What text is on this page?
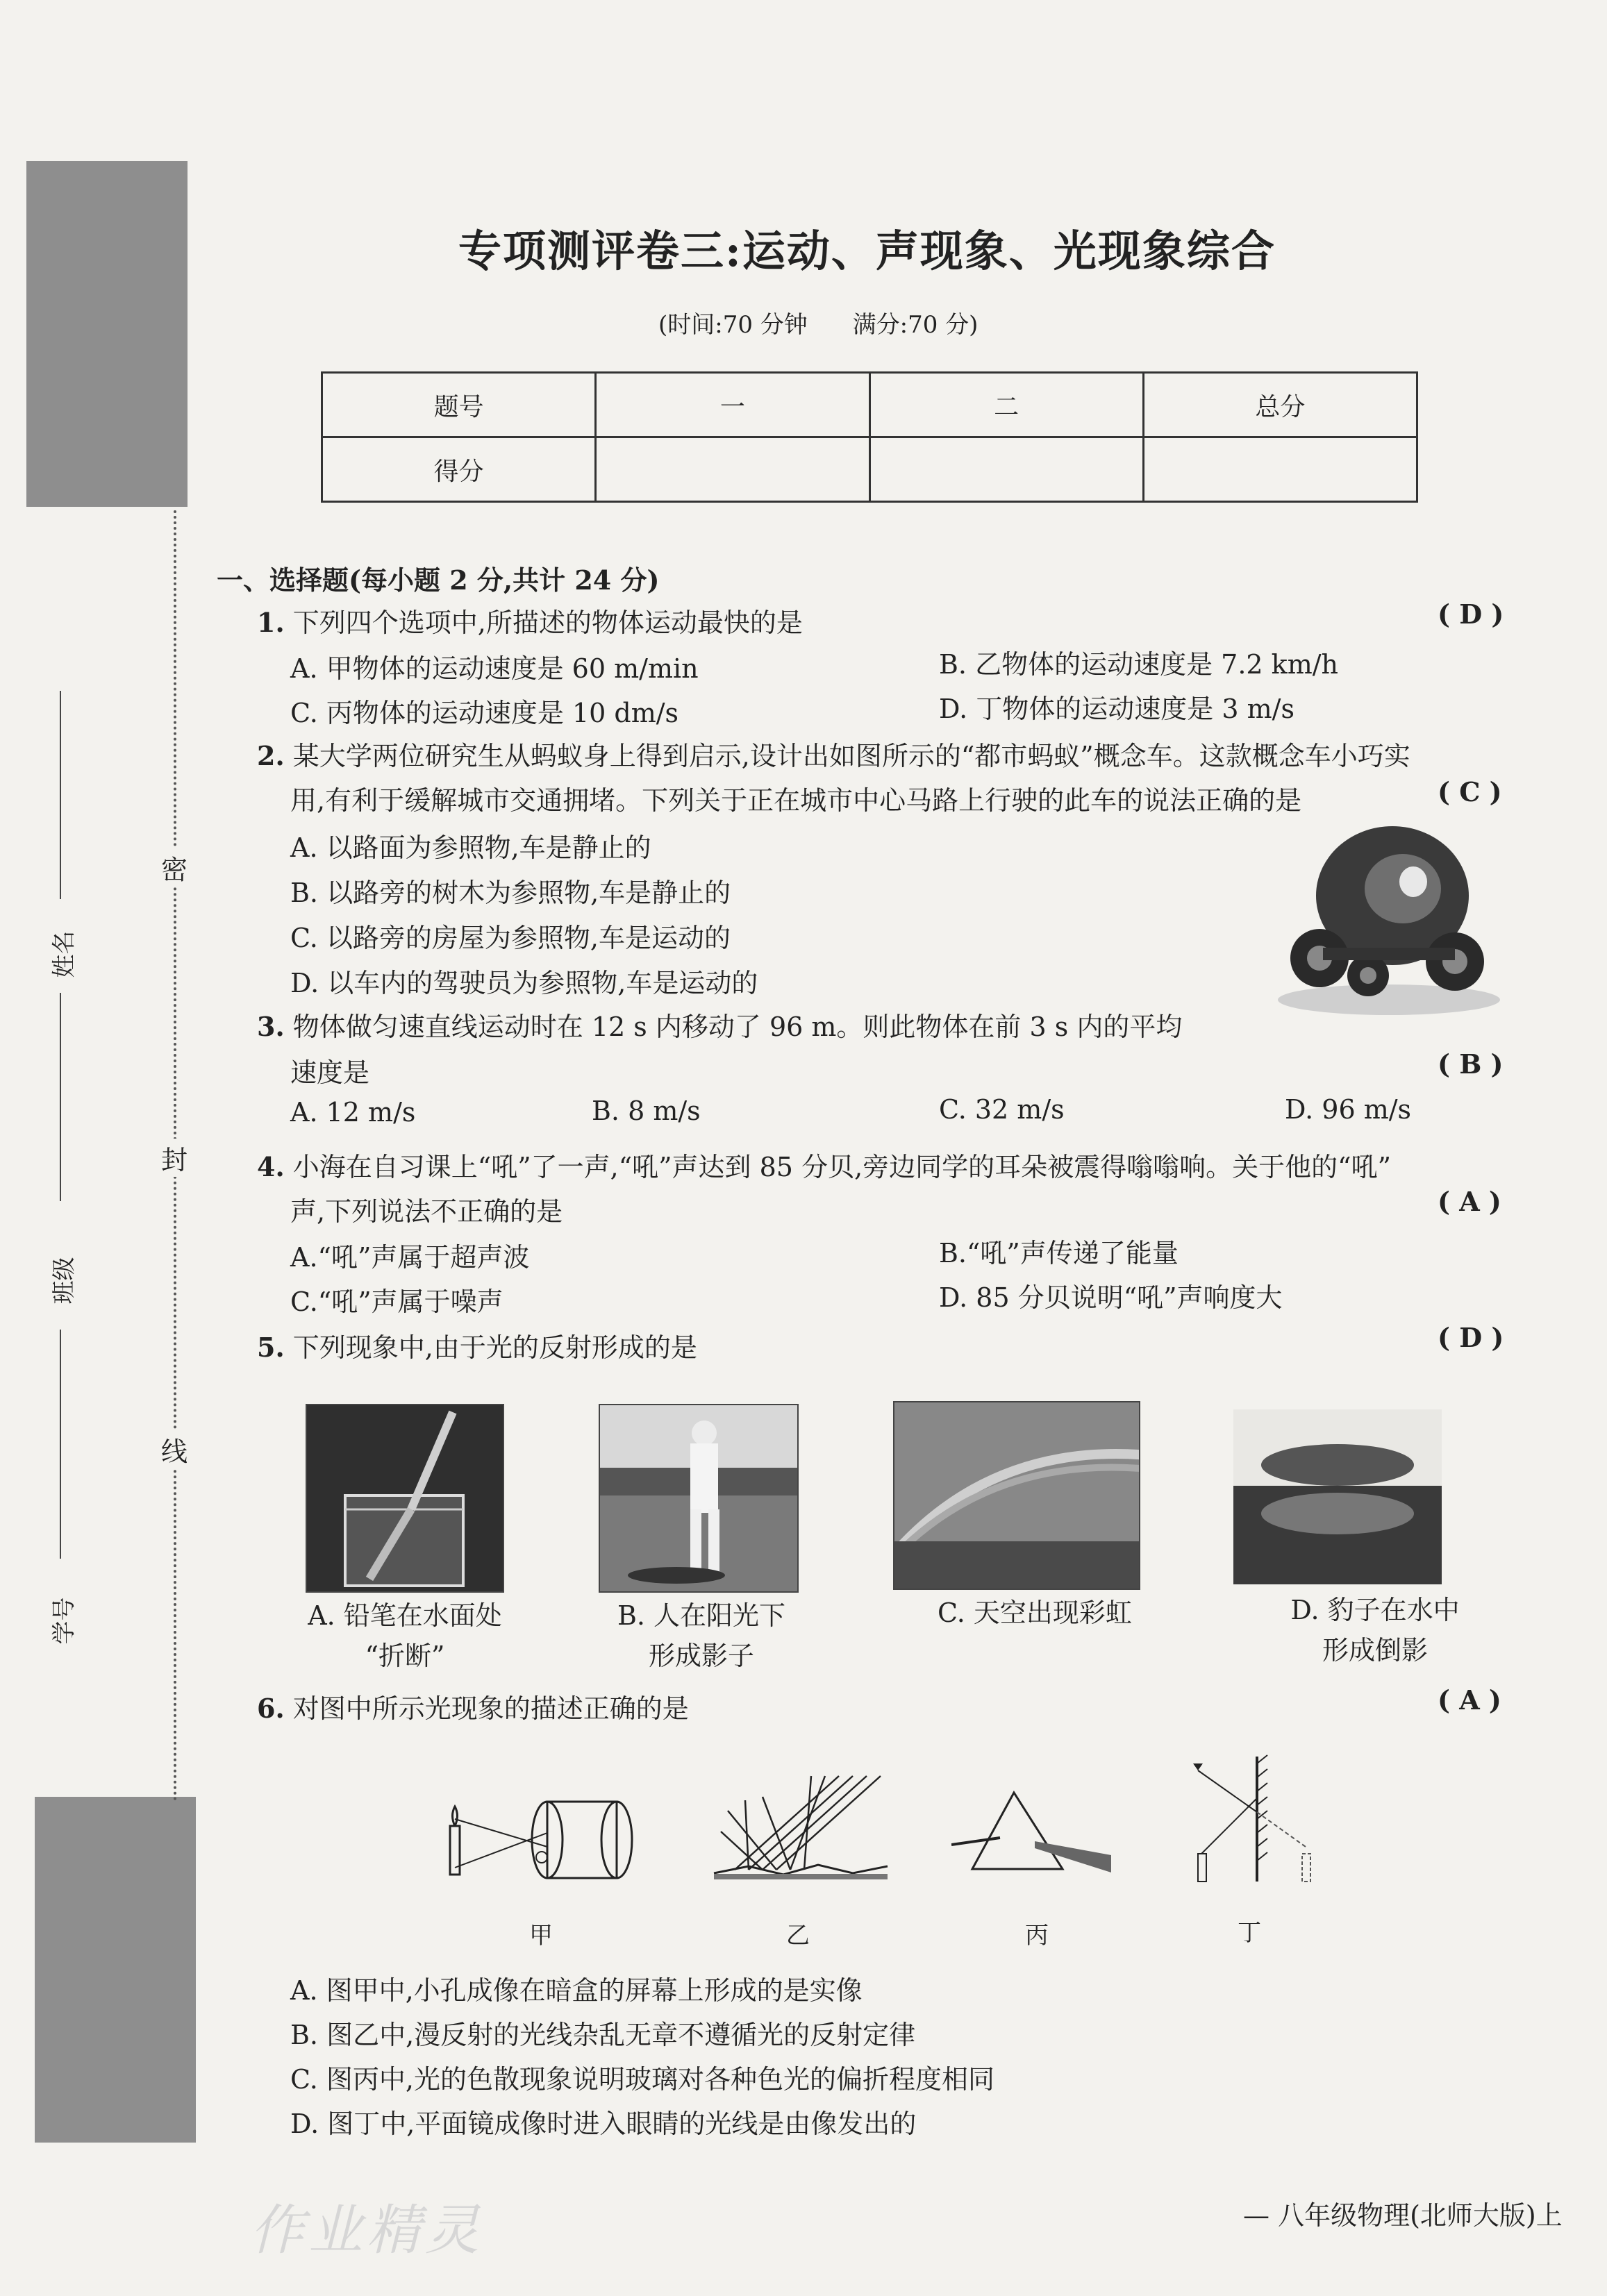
密
封
线
姓名
班级
学号
专项测评卷三:运动、声现象、光现象综合
(时间:70 分钟      满分:70 分)
题号	一	二	总分
得分			
一、选择题(每小题 2 分,共计 24 分)
1. 下列四个选项中,所描述的物体运动最快的是	( D )
A. 甲物体的运动速度是 60 m/min	B. 乙物体的运动速度是 7.2 km/h
C. 丙物体的运动速度是 10 dm/s	D. 丁物体的运动速度是 3 m/s
2. 某大学两位研究生从蚂蚁身上得到启示,设计出如图所示的“都市蚂蚁”概念车。这款概念车小巧实
用,有利于缓解城市交通拥堵。下列关于正在城市中心马路上行驶的此车的说法正确的是	( C )
A. 以路面为参照物,车是静止的
B. 以路旁的树木为参照物,车是静止的
C. 以路旁的房屋为参照物,车是运动的
D. 以车内的驾驶员为参照物,车是运动的
3. 物体做匀速直线运动时在 12 s 内移动了 96 m。则此物体在前 3 s 内的平均
速度是	( B )
A. 12 m/s	B. 8 m/s	C. 32 m/s	D. 96 m/s
4. 小海在自习课上“吼”了一声,“吼”声达到 85 分贝,旁边同学的耳朵被震得嗡嗡响。关于他的“吼”
声,下列说法不正确的是	( A )
A.“吼”声属于超声波	B.“吼”声传递了能量
C.“吼”声属于噪声	D. 85 分贝说明“吼”声响度大
5. 下列现象中,由于光的反射形成的是	( D )
A. 铅笔在水面处
“折断”
B. 人在阳光下
形成影子
C. 天空出现彩虹	D. 豹子在水中
形成倒影
6. 对图中所示光现象的描述正确的是	( A )
甲	乙	丙	丁
A. 图甲中,小孔成像在暗盒的屏幕上形成的是实像
B. 图乙中,漫反射的光线杂乱无章不遵循光的反射定律
C. 图丙中,光的色散现象说明玻璃对各种色光的偏折程度相同
D. 图丁中,平面镜成像时进入眼睛的光线是由像发出的
— 八年级物理(北师大版)上
作业精灵
